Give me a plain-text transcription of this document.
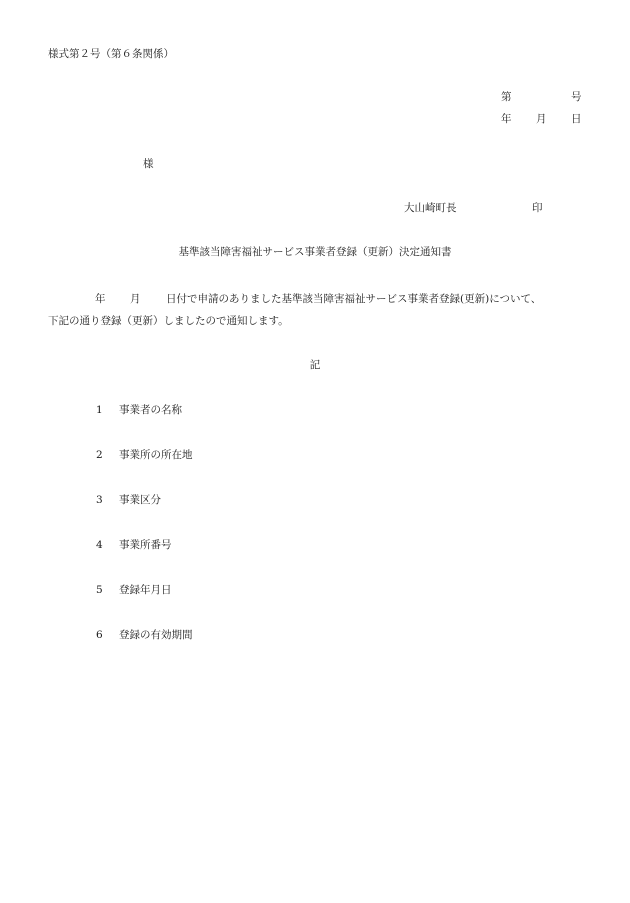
様式第２号（第６条関係）
第	号
年 月 日
様
大山崎町長	印
基準該当障害福祉サービス事業者登録（更新）決定通知書
年 月 日付で申請のありました基準該当障害福祉サービス事業者登録(更新)について、
下記の通り登録（更新）しましたので通知します。
記
1 事業者の名称
2 事業所の所在地
3 事業区分
4 事業所番号
5 登録年月日
6 登録の有効期間
